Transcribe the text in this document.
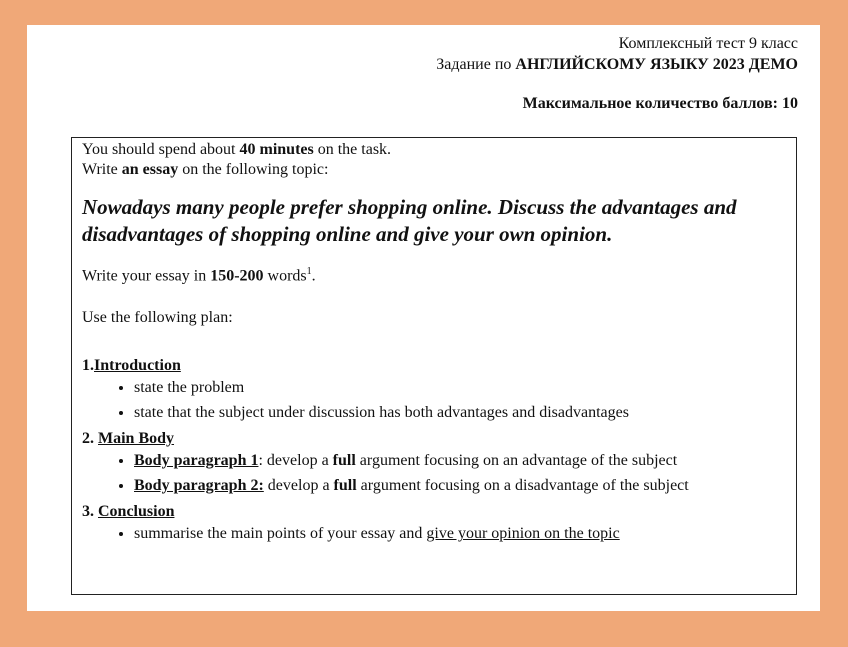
Комплексный тест 9 класс
Задание по АНГЛИЙСКОМУ ЯЗЫКУ 2023 ДЕМО
Максимальное количество баллов: 10
You should spend about 40 minutes on the task.
Write an essay on the following topic:
Nowadays many people prefer shopping online. Discuss the advantages and disadvantages of shopping online and give your own opinion.
Write your essay in 150-200 words$^1$.
Use the following plan:
1.Introduction
• state the problem
• state that the subject under discussion has both advantages and disadvantages
2. Main Body
• Body paragraph 1: develop a full argument focusing on an advantage of the subject
• Body paragraph 2: develop a full argument focusing on a disadvantage of the subject
3. Conclusion
• summarise the main points of your essay and give your opinion on the topic
